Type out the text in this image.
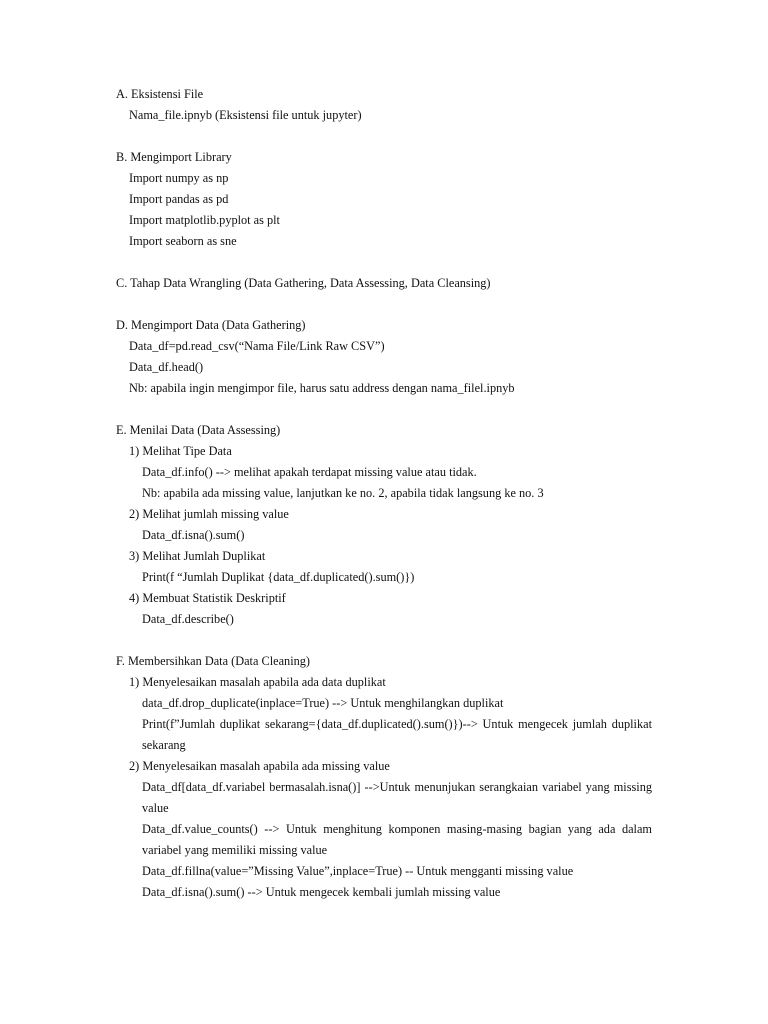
A. Eksistensi File

Nama_file.ipnyb (Eksistensi file untuk jupyter)

B. Mengimport Library

Import numpy as np

Import pandas as pd

Import matplotlib.pyplot as plt

Import seaborn as sne

C. Tahap Data Wrangling (Data Gathering, Data Assessing, Data Cleansing)

D. Mengimport Data (Data Gathering)

Data_df=pd.read_csv(“Nama File/Link Raw CSV”)

Data_df.head()

Nb: apabila ingin mengimpor file, harus satu address dengan nama_filel.ipnyb

E. Menilai Data (Data Assessing)

1) Melihat Tipe Data

Data_df.info() --> melihat apakah terdapat missing value atau tidak.

Nb: apabila ada missing value, lanjutkan ke no. 2, apabila tidak langsung ke no. 3

2) Melihat jumlah missing value

Data_df.isna().sum()

3) Melihat Jumlah Duplikat

Print(f “Jumlah Duplikat {data_df.duplicated().sum()})

4) Membuat Statistik Deskriptif

Data_df.describe()

F. Membersihkan Data (Data Cleaning)

1) Menyelesaikan masalah apabila ada data duplikat

data_df.drop_duplicate(inplace=True) --> Untuk menghilangkan duplikat

Print(f”Jumlah duplikat sekarang={data_df.duplicated().sum()})--> Untuk mengecek jumlah duplikat sekarang

2) Menyelesaikan masalah apabila ada missing value

Data_df[data_df.variabel bermasalah.isna()] -->Untuk menunjukan serangkaian variabel yang missing value

Data_df.value_counts() --> Untuk menghitung komponen masing-masing bagian yang ada dalam variabel yang memiliki missing value

Data_df.fillna(value=”Missing Value”,inplace=True) -- Untuk mengganti missing value

Data_df.isna().sum() --> Untuk mengecek kembali jumlah missing value
